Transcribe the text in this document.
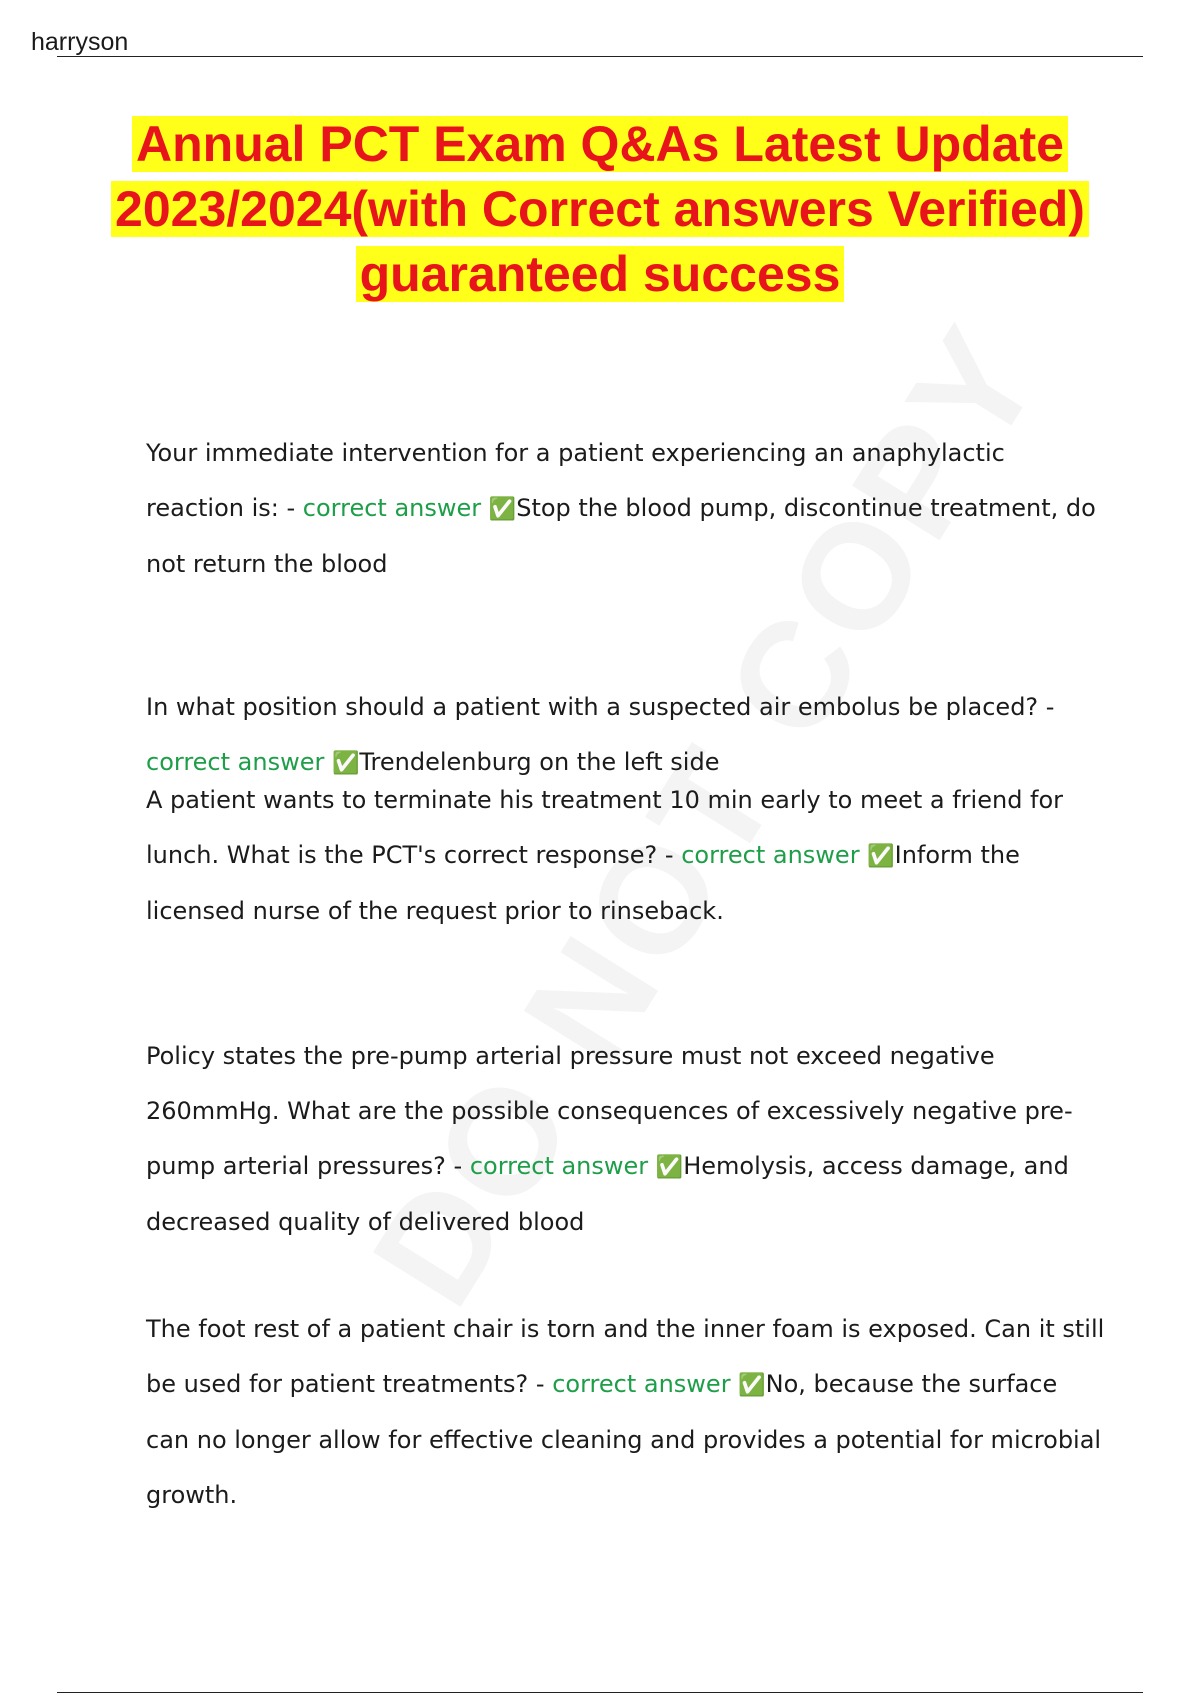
harryson
Annual PCT Exam Q&As Latest Update
2023/2024(with Correct answers Verified)
guaranteed success

Your immediate intervention for a patient experiencing an anaphylactic reaction is: - correct answer ✅Stop the blood pump, discontinue treatment, do not return the blood

In what position should a patient with a suspected air embolus be placed? - correct answer ✅Trendelenburg on the left side

A patient wants to terminate his treatment 10 min early to meet a friend for lunch. What is the PCT's correct response? - correct answer ✅Inform the licensed nurse of the request prior to rinseback.

Policy states the pre-pump arterial pressure must not exceed negative 260mmHg. What are the possible consequences of excessively negative pre-pump arterial pressures? - correct answer ✅Hemolysis, access damage, and decreased quality of delivered blood

The foot rest of a patient chair is torn and the inner foam is exposed. Can it still be used for patient treatments? - correct answer ✅No, because the surface can no longer allow for effective cleaning and provides a potential for microbial growth.
